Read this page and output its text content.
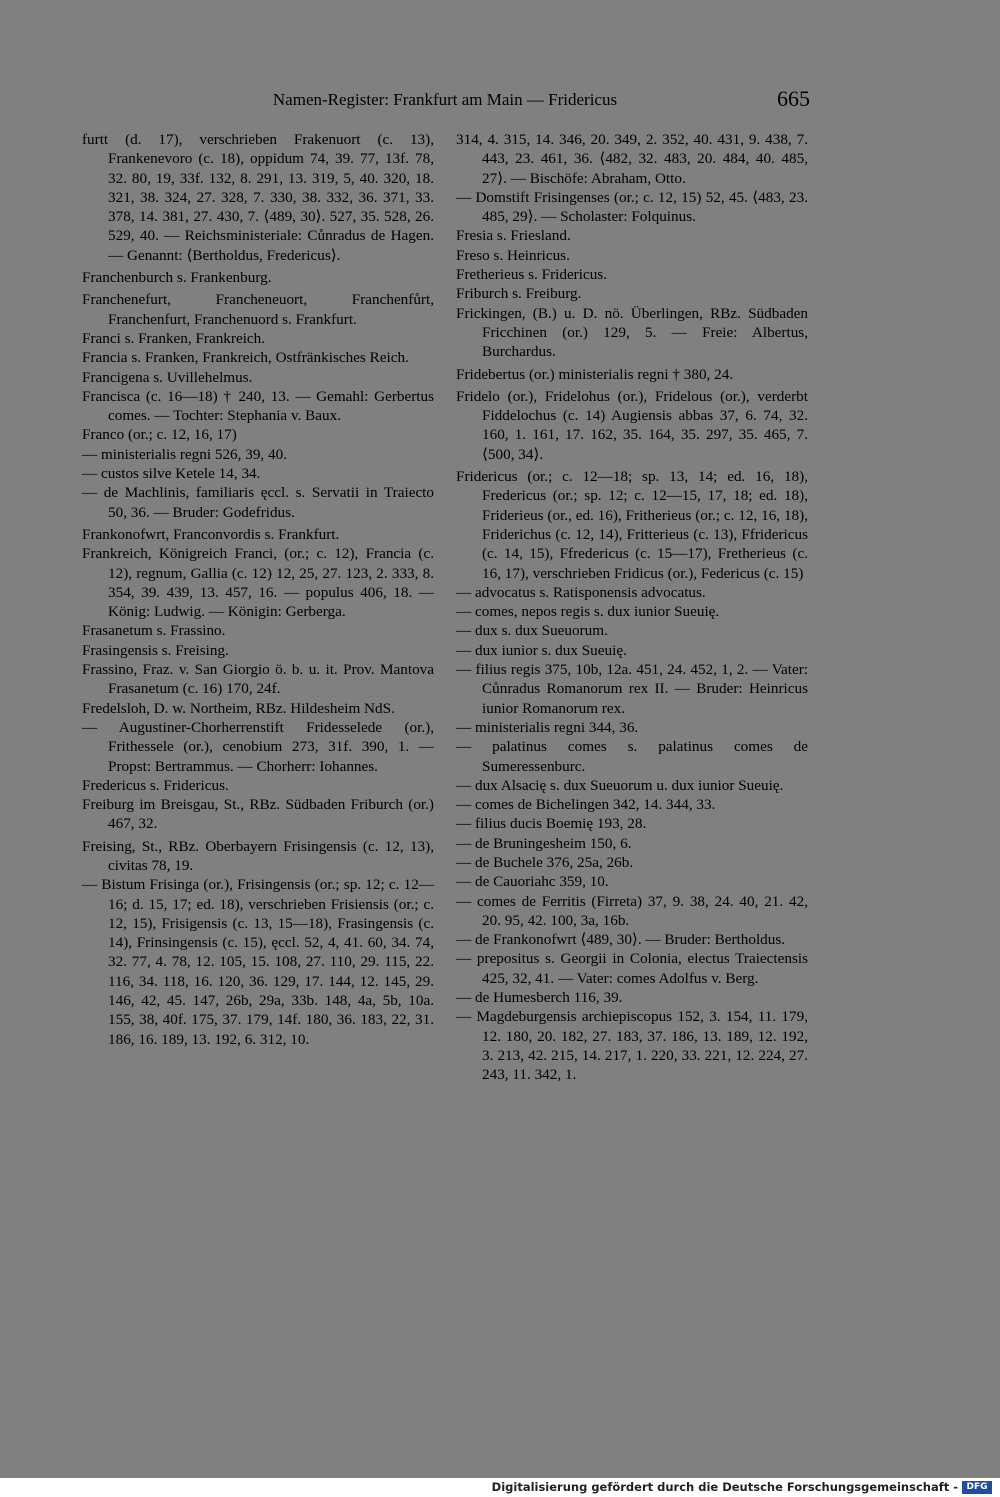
Namen-Register: Frankfurt am Main — Fridericus	665

furtt (d. 17), verschrieben Frakenuort (c. 13), Frankenevoro (c. 18), oppidum 74, 39. 77, 13f. 78, 32. 80, 19, 33f. 132, 8. 291, 13. 319, 5, 40. 320, 18. 321, 38. 324, 27. 328, 7. 330, 38. 332, 36. 371, 33. 378, 14. 381, 27. 430, 7. ⟨489, 30⟩. 527, 35. 528, 26. 529, 40. — Reichsministeriale: Cůnradus de Hagen. — Genannt: ⟨Bertholdus, Fredericus⟩.

Franchenburch s. Frankenburg.

Franchenefurt, Francheneuort, Franchenfůrt, Franchenfurt, Franchenuord s. Frankfurt.

Franci s. Franken, Frankreich.

Francia s. Franken, Frankreich, Ostfränkisches Reich.

Francigena s. Uvillehelmus.

Francisca (c. 16—18) † 240, 13. — Gemahl: Gerbertus comes. — Tochter: Stephania v. Baux.

Franco (or.; c. 12, 16, 17)

— ministerialis regni 526, 39, 40.

— custos silve Ketele 14, 34.

— de Machlinis, familiaris ęccl. s. Servatii in Traiecto 50, 36. — Bruder: Godefridus.

Frankonofwrt, Franconvordis s. Frankfurt.

Frankreich, Königreich Franci, (or.; c. 12), Francia (c. 12), regnum, Gallia (c. 12) 12, 25, 27. 123, 2. 333, 8. 354, 39. 439, 13. 457, 16. — populus 406, 18. — König: Ludwig. — Königin: Gerberga.

Frasanetum s. Frassino.

Frasingensis s. Freising.

Frassino, Fraz. v. San Giorgio ö. b. u. it. Prov. Mantova Frasanetum (c. 16) 170, 24f.

Fredelsloh, D. w. Northeim, RBz. Hildesheim NdS.

— Augustiner-Chorherrenstift Fridesselede (or.), Frithessele (or.), cenobium 273, 31f. 390, 1. — Propst: Bertrammus. — Chorherr: Iohannes.

Fredericus s. Fridericus.

Freiburg im Breisgau, St., RBz. Südbaden Friburch (or.) 467, 32.

Freising, St., RBz. Oberbayern Frisingensis (c. 12, 13), civitas 78, 19.

— Bistum Frisinga (or.), Frisingensis (or.; sp. 12; c. 12—16; d. 15, 17; ed. 18), verschrieben Frisiensis (or.; c. 12, 15), Frisigensis (c. 13, 15—18), Frasingensis (c. 14), Frinsingensis (c. 15), ęccl. 52, 4, 41. 60, 34. 74, 32. 77, 4. 78, 12. 105, 15. 108, 27. 110, 29. 115, 22. 116, 34. 118, 16. 120, 36. 129, 17. 144, 12. 145, 29. 146, 42, 45. 147, 26b, 29a, 33b. 148, 4a, 5b, 10a. 155, 38, 40f. 175, 37. 179, 14f. 180, 36. 183, 22, 31. 186, 16. 189, 13. 192, 6. 312, 10.

314, 4. 315, 14. 346, 20. 349, 2. 352, 40. 431, 9. 438, 7. 443, 23. 461, 36. ⟨482, 32. 483, 20. 484, 40. 485, 27⟩. — Bischöfe: Abraham, Otto.

— Domstift Frisingenses (or.; c. 12, 15) 52, 45. ⟨483, 23. 485, 29⟩. — Scholaster: Folquinus.

Fresia s. Friesland.

Freso s. Heinricus.

Fretherieus s. Fridericus.

Friburch s. Freiburg.

Frickingen, (B.) u. D. nö. Überlingen, RBz. Südbaden Fricchinen (or.) 129, 5. — Freie: Albertus, Burchardus.

Fridebertus (or.) ministerialis regni † 380, 24.

Fridelo (or.), Fridelohus (or.), Fridelous (or.), verderbt Fiddelochus (c. 14) Augiensis abbas 37, 6. 74, 32. 160, 1. 161, 17. 162, 35. 164, 35. 297, 35. 465, 7. ⟨500, 34⟩.

Fridericus (or.; c. 12—18; sp. 13, 14; ed. 16, 18), Fredericus (or.; sp. 12; c. 12—15, 17, 18; ed. 18), Friderieus (or., ed. 16), Fritherieus (or.; c. 12, 16, 18), Friderichus (c. 12, 14), Fritterieus (c. 13), Ffridericus (c. 14, 15), Ffredericus (c. 15—17), Fretherieus (c. 16, 17), verschrieben Fridicus (or.), Federicus (c. 15)

— advocatus s. Ratisponensis advocatus.

— comes, nepos regis s. dux iunior Sueuię.

— dux s. dux Sueuorum.

— dux iunior s. dux Sueuię.

— filius regis 375, 10b, 12a. 451, 24. 452, 1, 2. — Vater: Cůnradus Romanorum rex II. — Bruder: Heinricus iunior Romanorum rex.

— ministerialis regni 344, 36.

— palatinus comes s. palatinus comes de Sumeressenburc.

— dux Alsacię s. dux Sueuorum u. dux iunior Sueuię.

— comes de Bichelingen 342, 14. 344, 33.

— filius ducis Boemię 193, 28.

— de Bruningesheim 150, 6.

— de Buchele 376, 25a, 26b.

— de Cauoriahc 359, 10.

— comes de Ferritis (Firreta) 37, 9. 38, 24. 40, 21. 42, 20. 95, 42. 100, 3a, 16b.

— de Frankonofwrt ⟨489, 30⟩. — Bruder: Bertholdus.

— prepositus s. Georgii in Colonia, electus Traiectensis 425, 32, 41. — Vater: comes Adolfus v. Berg.

— de Humesberch 116, 39.

— Magdeburgensis archiepiscopus 152, 3. 154, 11. 179, 12. 180, 20. 182, 27. 183, 37. 186, 13. 189, 12. 192, 3. 213, 42. 215, 14. 217, 1. 220, 33. 221, 12. 224, 27. 243, 11. 342, 1.

Digitalisierung gefördert durch die Deutsche Forschungsgemeinschaft - DFG
